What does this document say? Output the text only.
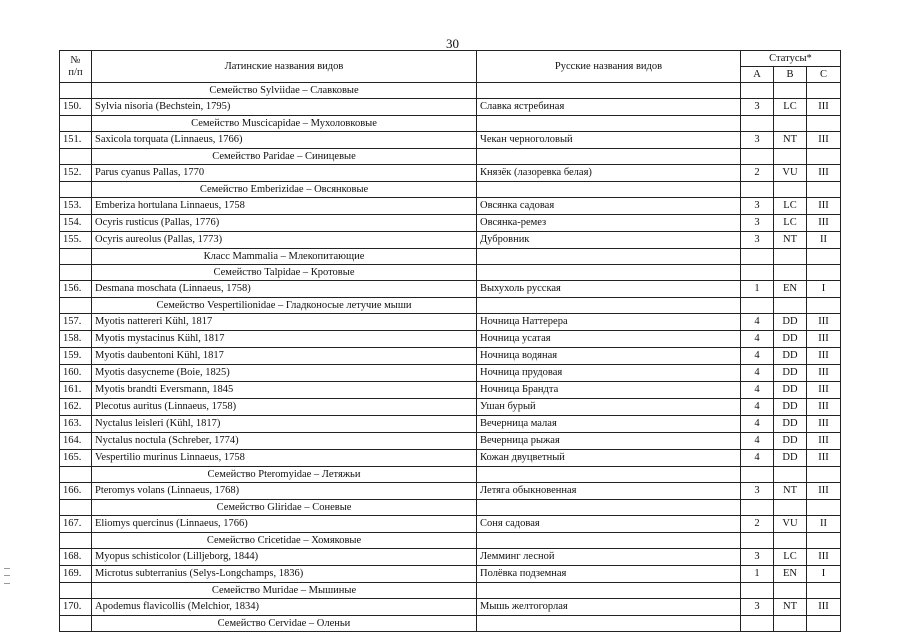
30
№
п/п	Латинские названия видов	Русские названия видов	Статусы*		
			A	B	C
	Семейство Sylviidae – Славковые				
150.	Sylvia nisoria (Bechstein, 1795)	Славка ястребиная	3	LC	III
	Семейство Muscicapidae – Мухоловковые				
151.	Saxicola torquata (Linnaeus, 1766)	Чекан черноголовый	3	NT	III
	Семейство Paridae – Синицевые				
152.	Parus cyanus Pallas, 1770	Князёк (лазоревка белая)	2	VU	III
	Семейство Emberizidae – Овсянковые				
153.	Emberiza hortulana Linnaeus, 1758	Овсянка садовая	3	LC	III
154.	Ocyris rusticus (Pallas, 1776)	Овсянка-ремез	3	LC	III
155.	Ocyris aureolus (Pallas, 1773)	Дубровник	3	NT	II
	Класс Mammalia – Млекопитающие				
	Семейство Talpidae – Кротовые				
156.	Desmana moschata (Linnaeus, 1758)	Выхухоль русская	1	EN	I
	Семейство Vespertilionidae – Гладконосые летучие мыши				
157.	Myotis nattereri Kühl, 1817	Ночница Наттерера	4	DD	III
158.	Myotis mystacinus Kühl, 1817	Ночница усатая	4	DD	III
159.	Myotis daubentoni Kühl, 1817	Ночница водяная	4	DD	III
160.	Myotis dasycneme (Boie, 1825)	Ночница прудовая	4	DD	III
161.	Myotis brandti Eversmann, 1845	Ночница Брандта	4	DD	III
162.	Plecotus auritus (Linnaeus, 1758)	Ушан бурый	4	DD	III
163.	Nyctalus leisleri (Kühl, 1817)	Вечерница малая	4	DD	III
164.	Nyctalus noctula (Schreber, 1774)	Вечерница рыжая	4	DD	III
165.	Vespertilio murinus Linnaeus, 1758	Кожан двуцветный	4	DD	III
	Семейство Pteromyidae – Летяжьи				
166.	Pteromys volans (Linnaeus, 1768)	Летяга обыкновенная	3	NT	III
	Семейство Gliridae – Соневые				
167.	Eliomys quercinus (Linnaeus, 1766)	Соня садовая	2	VU	II
	Семейство Cricetidae – Хомяковые				
168.	Myopus schisticolor (Lilljeborg, 1844)	Лемминг лесной	3	LC	III
169.	Microtus subterranius (Selys-Longchamps, 1836)	Полёвка подземная	1	EN	I
	Семейство Muridae – Мышиные				
170.	Apodemus flavicollis (Melchior, 1834)	Мышь желтогорлая	3	NT	III
	Семейство Cervidae – Оленьи				
